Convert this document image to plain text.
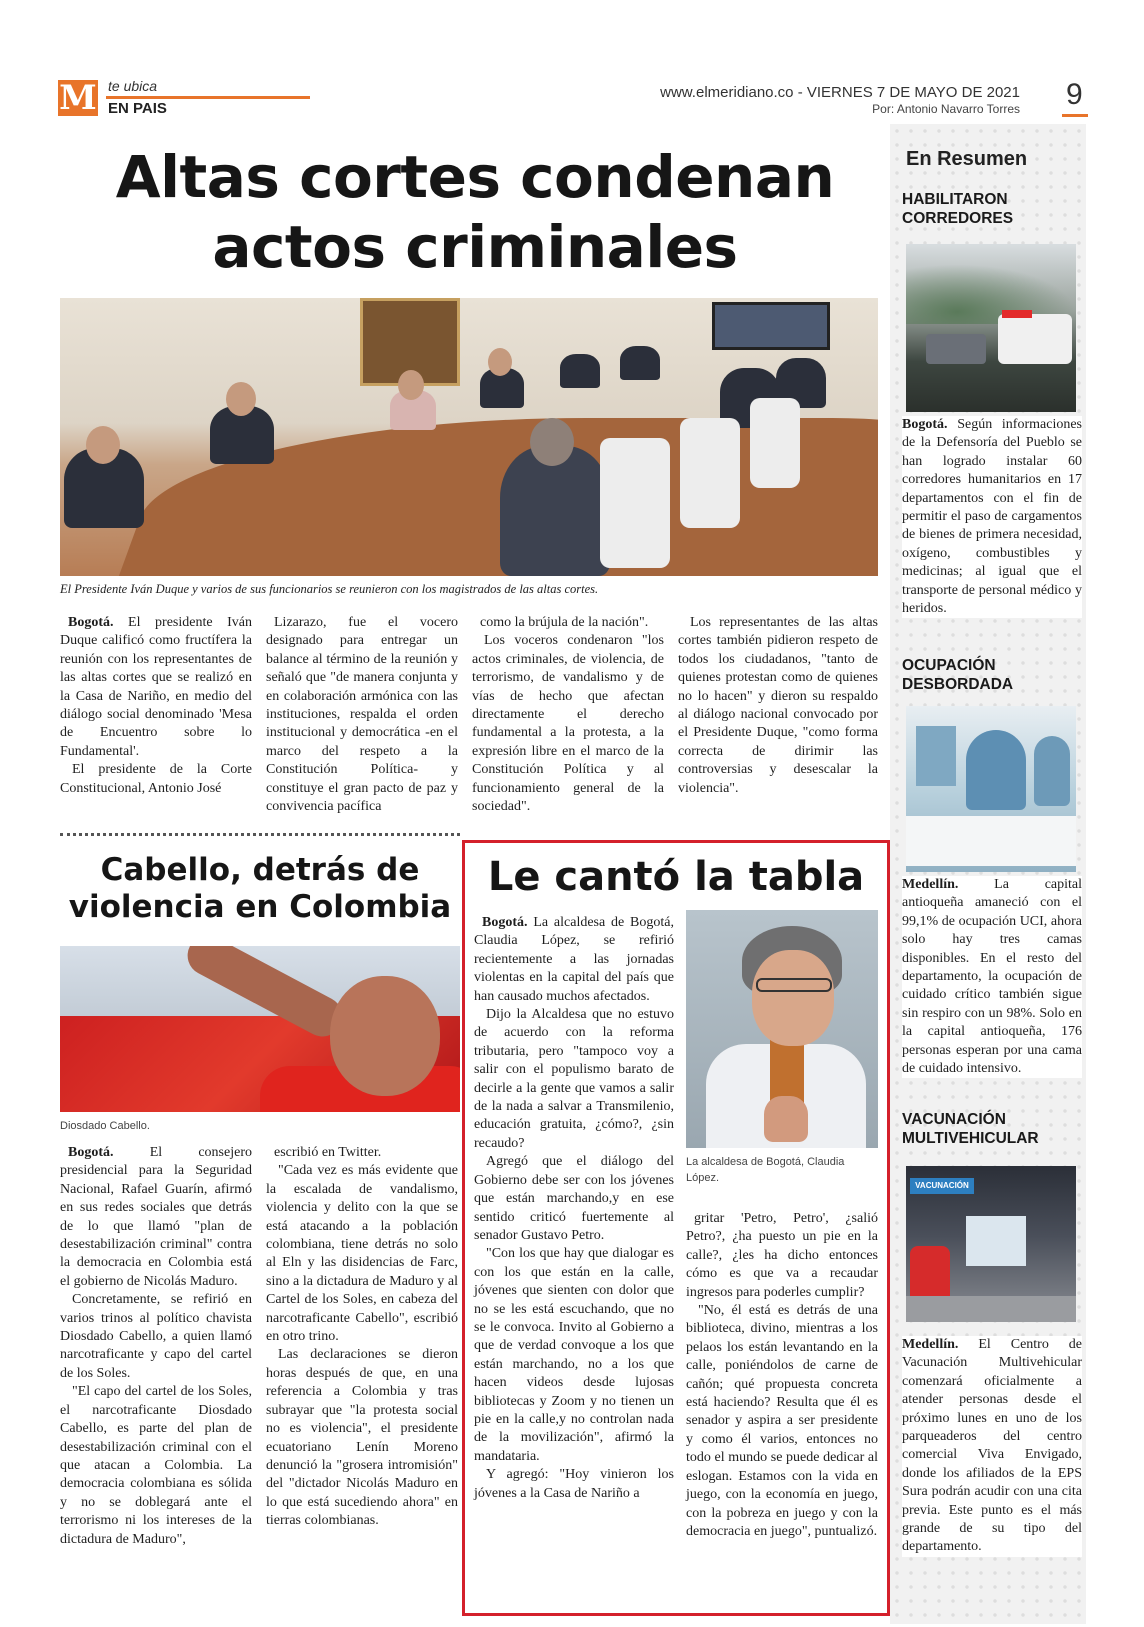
M te ubica
EN PAIS
www.elmeridiano.co - VIERNES 7 DE MAYO DE 2021
Por: Antonio Navarro Torres 9
Altas cortes condenan
actos criminales
El Presidente Iván Duque y varios de sus funcionarios se reunieron con los magistrados de las altas cortes.

Bogotá. El presidente Iván Duque calificó como fructífera la reunión con los representantes de las altas cortes que se realizó en la Casa de Nariño, en medio del diálogo social denominado 'Mesa de Encuentro sobre lo Fundamental'.

El presidente de la Corte Constitucional, Antonio José

Lizarazo, fue el vocero designado para entregar un balance al término de la reunión y señaló que "de manera conjunta y en colaboración armónica con las instituciones, respalda el orden institucional y democrática -en el marco del respeto a la Constitución Política- y constituye el gran pacto de paz y convivencia pacífica

como la brújula de la nación".

Los voceros condenaron "los actos criminales, de violencia, de terrorismo, de vandalismo y de vías de hecho que afectan directamente el derecho fundamental a la protesta, a la expresión libre en el marco de la Constitución Política y al funcionamiento general de la sociedad".

Los representantes de las altas cortes también pidieron respeto de todos los ciudadanos, "tanto de quienes protestan como de quienes no lo hacen" y dieron su respaldo al diálogo nacional convocado por el Presidente Duque, "como forma correcta de dirimir las controversias y desescalar la violencia".

Cabello, detrás de
violencia en Colombia
Diosdado Cabello.

Bogotá. El consejero presidencial para la Seguridad Nacional, Rafael Guarín, afirmó en sus redes sociales que detrás de lo que llamó "plan de desestabilización criminal" contra la democracia en Colombia está el gobierno de Nicolás Maduro.

Concretamente, se refirió en varios trinos al político chavista Diosdado Cabello, a quien llamó narcotraficante y capo del cartel de los Soles.

"El capo del cartel de los Soles, el narcotraficante Diosdado Cabello, es parte del plan de desestabilización criminal con el que atacan a Colombia. La democracia colombiana es sólida y no se doblegará ante el terrorismo ni los intereses de la dictadura de Maduro",

escribió en Twitter.

"Cada vez es más evidente que la escalada de vandalismo, violencia y delito con la que se está atacando a la población colombiana, tiene detrás no solo al Eln y las disidencias de Farc, sino a la dictadura de Maduro y al Cartel de los Soles, en cabeza del narcotraficante Cabello", escribió en otro trino.

Las declaraciones se dieron horas después de que, en una referencia a Colombia y tras subrayar que "la protesta social no es violencia", el presidente ecuatoriano Lenín Moreno denunció la "grosera intromisión" del "dictador Nicolás Maduro en lo que está sucediendo ahora" en tierras colombianas.

Le cantó la tabla
La alcaldesa de Bogotá, Claudia López.

Bogotá. La alcaldesa de Bogotá, Claudia López, se refirió recientemente a las jornadas violentas en la capital del país que han causado muchos afectados.

Dijo la Alcaldesa que no estuvo de acuerdo con la reforma tributaria, pero "tampoco voy a salir con el populismo barato de decirle a la gente que vamos a salir de la nada a salvar a Transmilenio, educación gratuita, ¿cómo?, ¿sin recaudo?

Agregó que el diálogo del Gobierno debe ser con los jóvenes que están marchando,y en ese sentido criticó fuertemente al senador Gustavo Petro.

"Con los que hay que dialogar es con los que están en la calle, jóvenes que sienten con dolor que no se les está escuchando, que no se le convoca. Invito al Gobierno a que de verdad convoque a los que están marchando, no a los que hacen videos desde lujosas bibliotecas y Zoom y no tienen un pie en la calle,y no controlan nada de la movilización", afirmó la mandataria.

Y agregó: "Hoy vinieron los jóvenes a la Casa de Nariño a

gritar 'Petro, Petro', ¿salió Petro?, ¿ha puesto un pie en la calle?, ¿les ha dicho entonces cómo es que va a recaudar ingresos para poderles cumplir?

"No, él está es detrás de una biblioteca, divino, mientras a los pelaos los están levantando en la calle, poniéndolos de carne de cañón; qué propuesta concreta está haciendo? Resulta que él es senador y aspira a ser presidente y como él varios, entonces no todo el mundo se puede dedicar al eslogan. Estamos con la vida en juego, con la economía en juego, con la pobreza en juego y con la democracia en juego", puntualizó.

En Resumen
HABILITARON
CORREDORES
Bogotá. Según informaciones de la Defensoría del Pueblo se han logrado instalar 60 corredores humanitarios en 17 departamentos con el fin de permitir el paso de cargamentos de bienes de primera necesidad, oxígeno, combustibles y medicinas; al igual que el transporte de personal médico y heridos.
OCUPACIÓN
DESBORDADA
Medellín. La capital antioqueña amaneció con el 99,1% de ocupación UCI, ahora solo hay tres camas disponibles. En el resto del departamento, la ocupación de cuidado crítico también sigue sin respiro con un 98%. Solo en la capital antioqueña, 176 personas esperan por una cama de cuidado intensivo.
VACUNACIÓN
MULTIVEHICULAR
VACUNACIÓN
Medellín. El Centro de Vacunación Multivehicular comenzará oficialmente a atender personas desde el próximo lunes en uno de los parqueaderos del centro comercial Viva Envigado, donde los afiliados de la EPS Sura podrán acudir con una cita previa. Este punto es el más grande de su tipo del departamento.
